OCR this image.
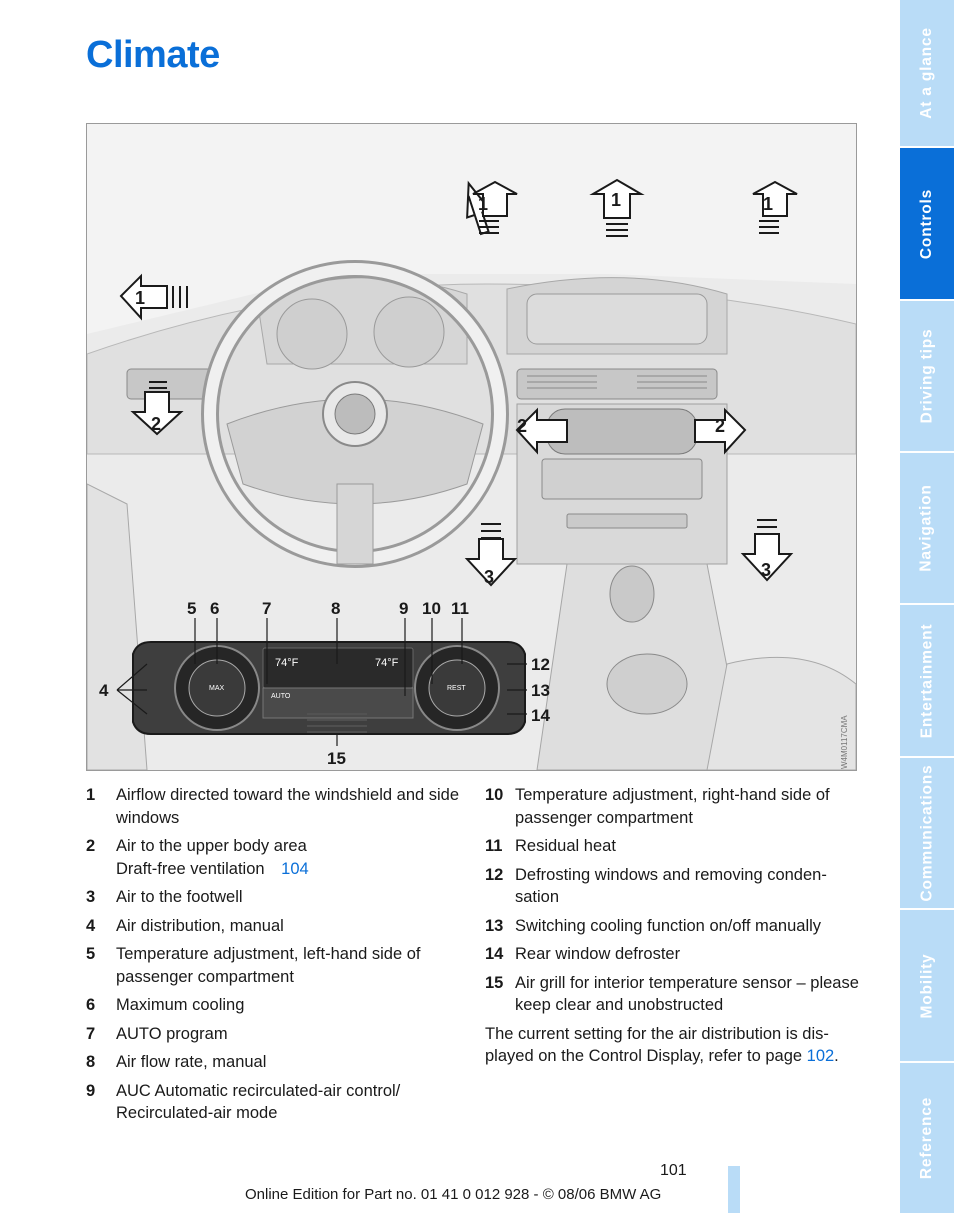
Climate
1	1	1
1
2	2	2
3	3
74°F	74°F
AUTO
MAX	REST
5 6	7	8	9 10 11
12
13
14
4
15	W4M0117CMA
1	Airflow directed toward the windshield and side windows
2	Air to the upper body area
Draft-free ventilation 104
3	Air to the footwell
4	Air distribution, manual
5	Temperature adjustment, left-hand side of passenger compartment
6	Maximum cooling
7	AUTO program
8	Air flow rate, manual
9	AUC Automatic recirculated-air control/ Recirculated-air mode
10 Temperature adjustment, right-hand side of passenger compartment
11 Residual heat
12 Defrosting windows and removing conden-sation
13 Switching cooling function on/off manually
14 Rear window defroster
15 Air grill for interior temperature sensor – please keep clear and unobstructed
The current setting for the air distribution is dis-played on the Control Display, refer to page 102.
101
Online Edition for Part no. 01 41 0 012 928 - © 08/06 BMW AG
At a glance
Controls
Driving tips
Navigation
Entertainment
Communications
Mobility
Reference
